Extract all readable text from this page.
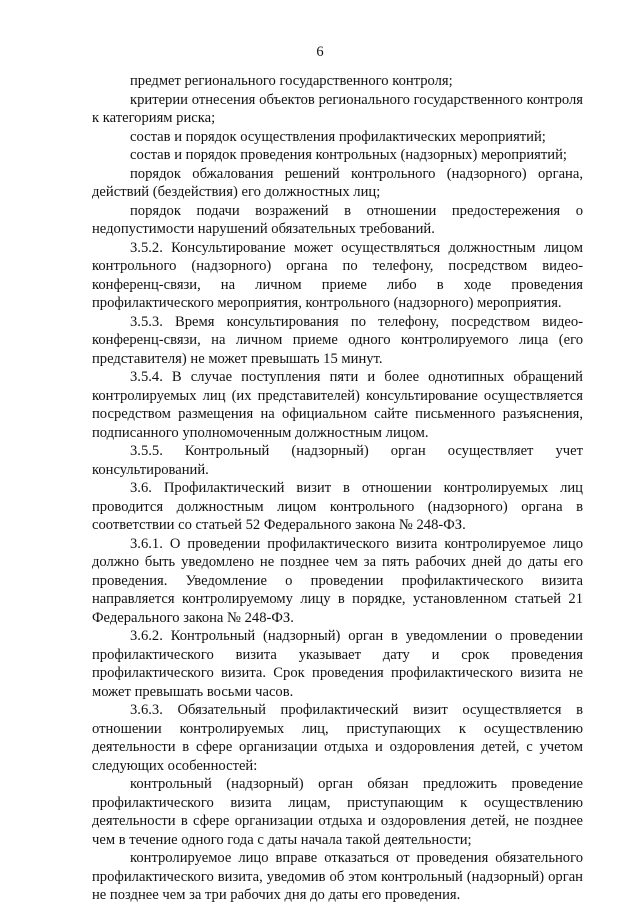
6

предмет регионального государственного контроля;

критерии отнесения объектов регионального государственного контроля к категориям риска;

состав и порядок осуществления профилактических мероприятий;

состав и порядок проведения контрольных (надзорных) мероприятий;

порядок обжалования решений контрольного (надзорного) органа, действий (бездействия) его должностных лиц;

порядок подачи возражений в отношении предостережения о недопустимости нарушений обязательных требований.

3.5.2. Консультирование может осуществляться должностным лицом контрольного (надзорного) органа по телефону, посредством видео-конференц-связи, на личном приеме либо в ходе проведения профилактического мероприятия, контрольного (надзорного) мероприятия.

3.5.3. Время консультирования по телефону, посредством видео-конференц-связи, на личном приеме одного контролируемого лица (его представителя) не может превышать 15 минут.

3.5.4. В случае поступления пяти и более однотипных обращений контролируемых лиц (их представителей) консультирование осуществляется посредством размещения на официальном сайте письменного разъяснения, подписанного уполномоченным должностным лицом.

3.5.5. Контрольный (надзорный) орган осуществляет учет консультирований.

3.6. Профилактический визит в отношении контролируемых лиц проводится должностным лицом контрольного (надзорного) органа в соответствии со статьей 52 Федерального закона № 248-ФЗ.

3.6.1. О проведении профилактического визита контролируемое лицо должно быть уведомлено не позднее чем за пять рабочих дней до даты его проведения. Уведомление о проведении профилактического визита направляется контролируемому лицу в порядке, установленном статьей 21 Федерального закона № 248-ФЗ.

3.6.2. Контрольный (надзорный) орган в уведомлении о проведении профилактического визита указывает дату и срок проведения профилактического визита. Срок проведения профилактического визита не может превышать восьми часов.

3.6.3. Обязательный профилактический визит осуществляется в отношении контролируемых лиц, приступающих к осуществлению деятельности в сфере организации отдыха и оздоровления детей, с учетом следующих особенностей:

контрольный (надзорный) орган обязан предложить проведение профилактического визита лицам, приступающим к осуществлению деятельности в сфере организации отдыха и оздоровления детей, не позднее чем в течение одного года с даты начала такой деятельности;

контролируемое лицо вправе отказаться от проведения обязательного профилактического визита, уведомив об этом контрольный (надзорный) орган не позднее чем за три рабочих дня до даты его проведения.
